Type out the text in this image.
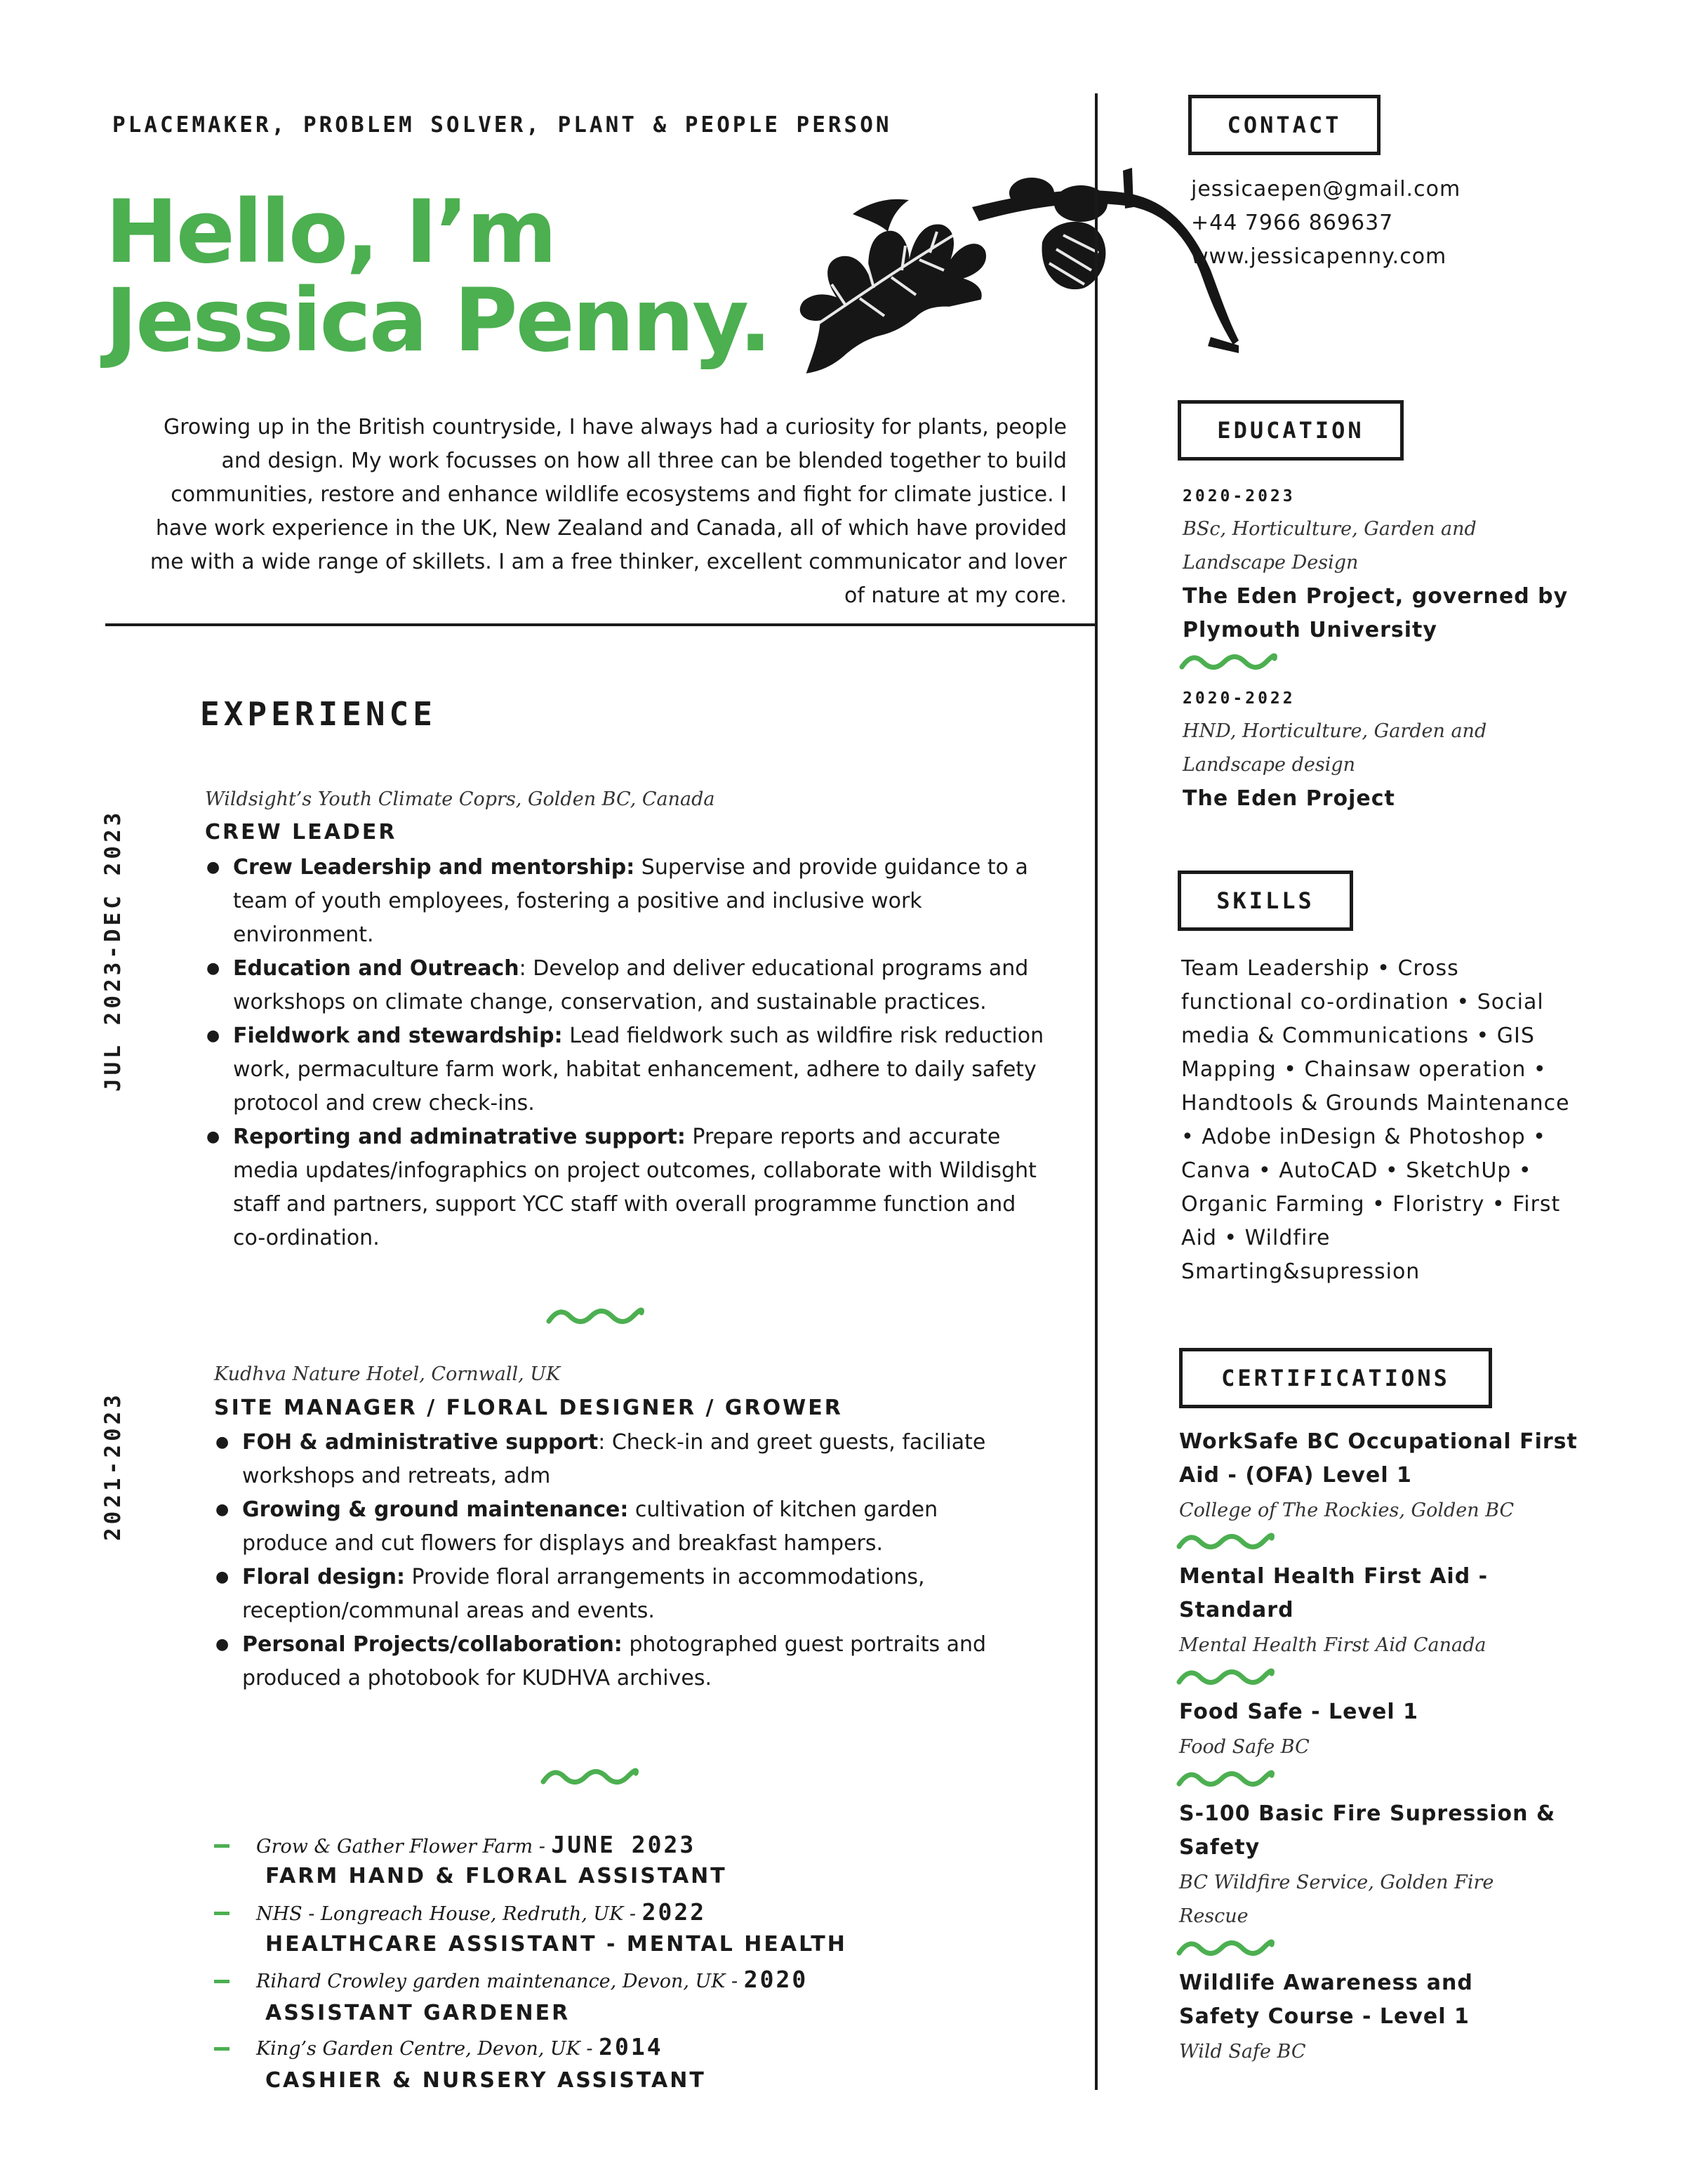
PLACEMAKER, PROBLEM SOLVER, PLANT & PEOPLE PERSON
Hello, I’m
Jessica Penny.
Growing up in the British countryside, I have always had a curiosity for plants, people and design. My work focusses on how all three can be blended together to build communities, restore and enhance wildlife ecosystems and fight for climate justice. I have work experience in the UK, New Zealand and Canada, all of which have provided me with a wide range of skillets. I am a free thinker, excellent communicator and lover of nature at my core.
EXPERIENCE
JUL 2023-DEC 2023
Wildsight’s Youth Climate Coprs, Golden BC, Canada
CREW LEADER
● Crew Leadership and mentorship: Supervise and provide guidance to a team of youth employees, fostering a positive and inclusive work environment.
● Education and Outreach: Develop and deliver educational programs and workshops on climate change, conservation, and sustainable practices.
● Fieldwork and stewardship: Lead fieldwork such as wildfire risk reduction work, permaculture farm work, habitat enhancement, adhere to daily safety protocol and crew check-ins.
● Reporting and adminatrative support: Prepare reports and accurate media updates/infographics on project outcomes, collaborate with Wildisght staff and partners, support YCC staff with overall programme function and co-ordination.
2021-2023
Kudhva Nature Hotel, Cornwall, UK
SITE MANAGER / FLORAL DESIGNER / GROWER
● FOH & administrative support: Check-in and greet guests, faciliate workshops and retreats, adm
● Growing & ground maintenance: cultivation of kitchen garden produce and cut flowers for displays and breakfast hampers.
● Floral design: Provide floral arrangements in accommodations, reception/communal areas and events.
● Personal Projects/collaboration: photographed guest portraits and produced a photobook for KUDHVA archives.
Grow & Gather Flower Farm - JUNE 2023
FARM HAND & FLORAL ASSISTANT
NHS - Longreach House, Redruth, UK - 2022
HEALTHCARE ASSISTANT - MENTAL HEALTH
Rihard Crowley garden maintenance, Devon, UK - 2020
ASSISTANT GARDENER
King’s Garden Centre, Devon, UK - 2014
CASHIER & NURSERY ASSISTANT
CONTACT
jessicaepen@gmail.com
+44 7966 869637
www.jessicapenny.com
EDUCATION
2020-2023
BSc, Horticulture, Garden and Landscape Design
The Eden Project, governed by Plymouth University
2020-2022
HND, Horticulture, Garden and Landscape design
The Eden Project
SKILLS
Team Leadership • Cross functional co-ordination • Social media & Communications • GIS Mapping • Chainsaw operation • Handtools & Grounds Maintenance • Adobe inDesign & Photoshop • Canva • AutoCAD • SketchUp • Organic Farming • Floristry • First Aid • Wildfire Smarting&supression
CERTIFICATIONS
WorkSafe BC Occupational First Aid - (OFA) Level 1
College of The Rockies, Golden BC
Mental Health First Aid - Standard
Mental Health First Aid Canada
Food Safe - Level 1
Food Safe BC
S-100 Basic Fire Supression & Safety
BC Wildfire Service, Golden Fire Rescue
Wildlife Awareness and Safety Course - Level 1
Wild Safe BC
